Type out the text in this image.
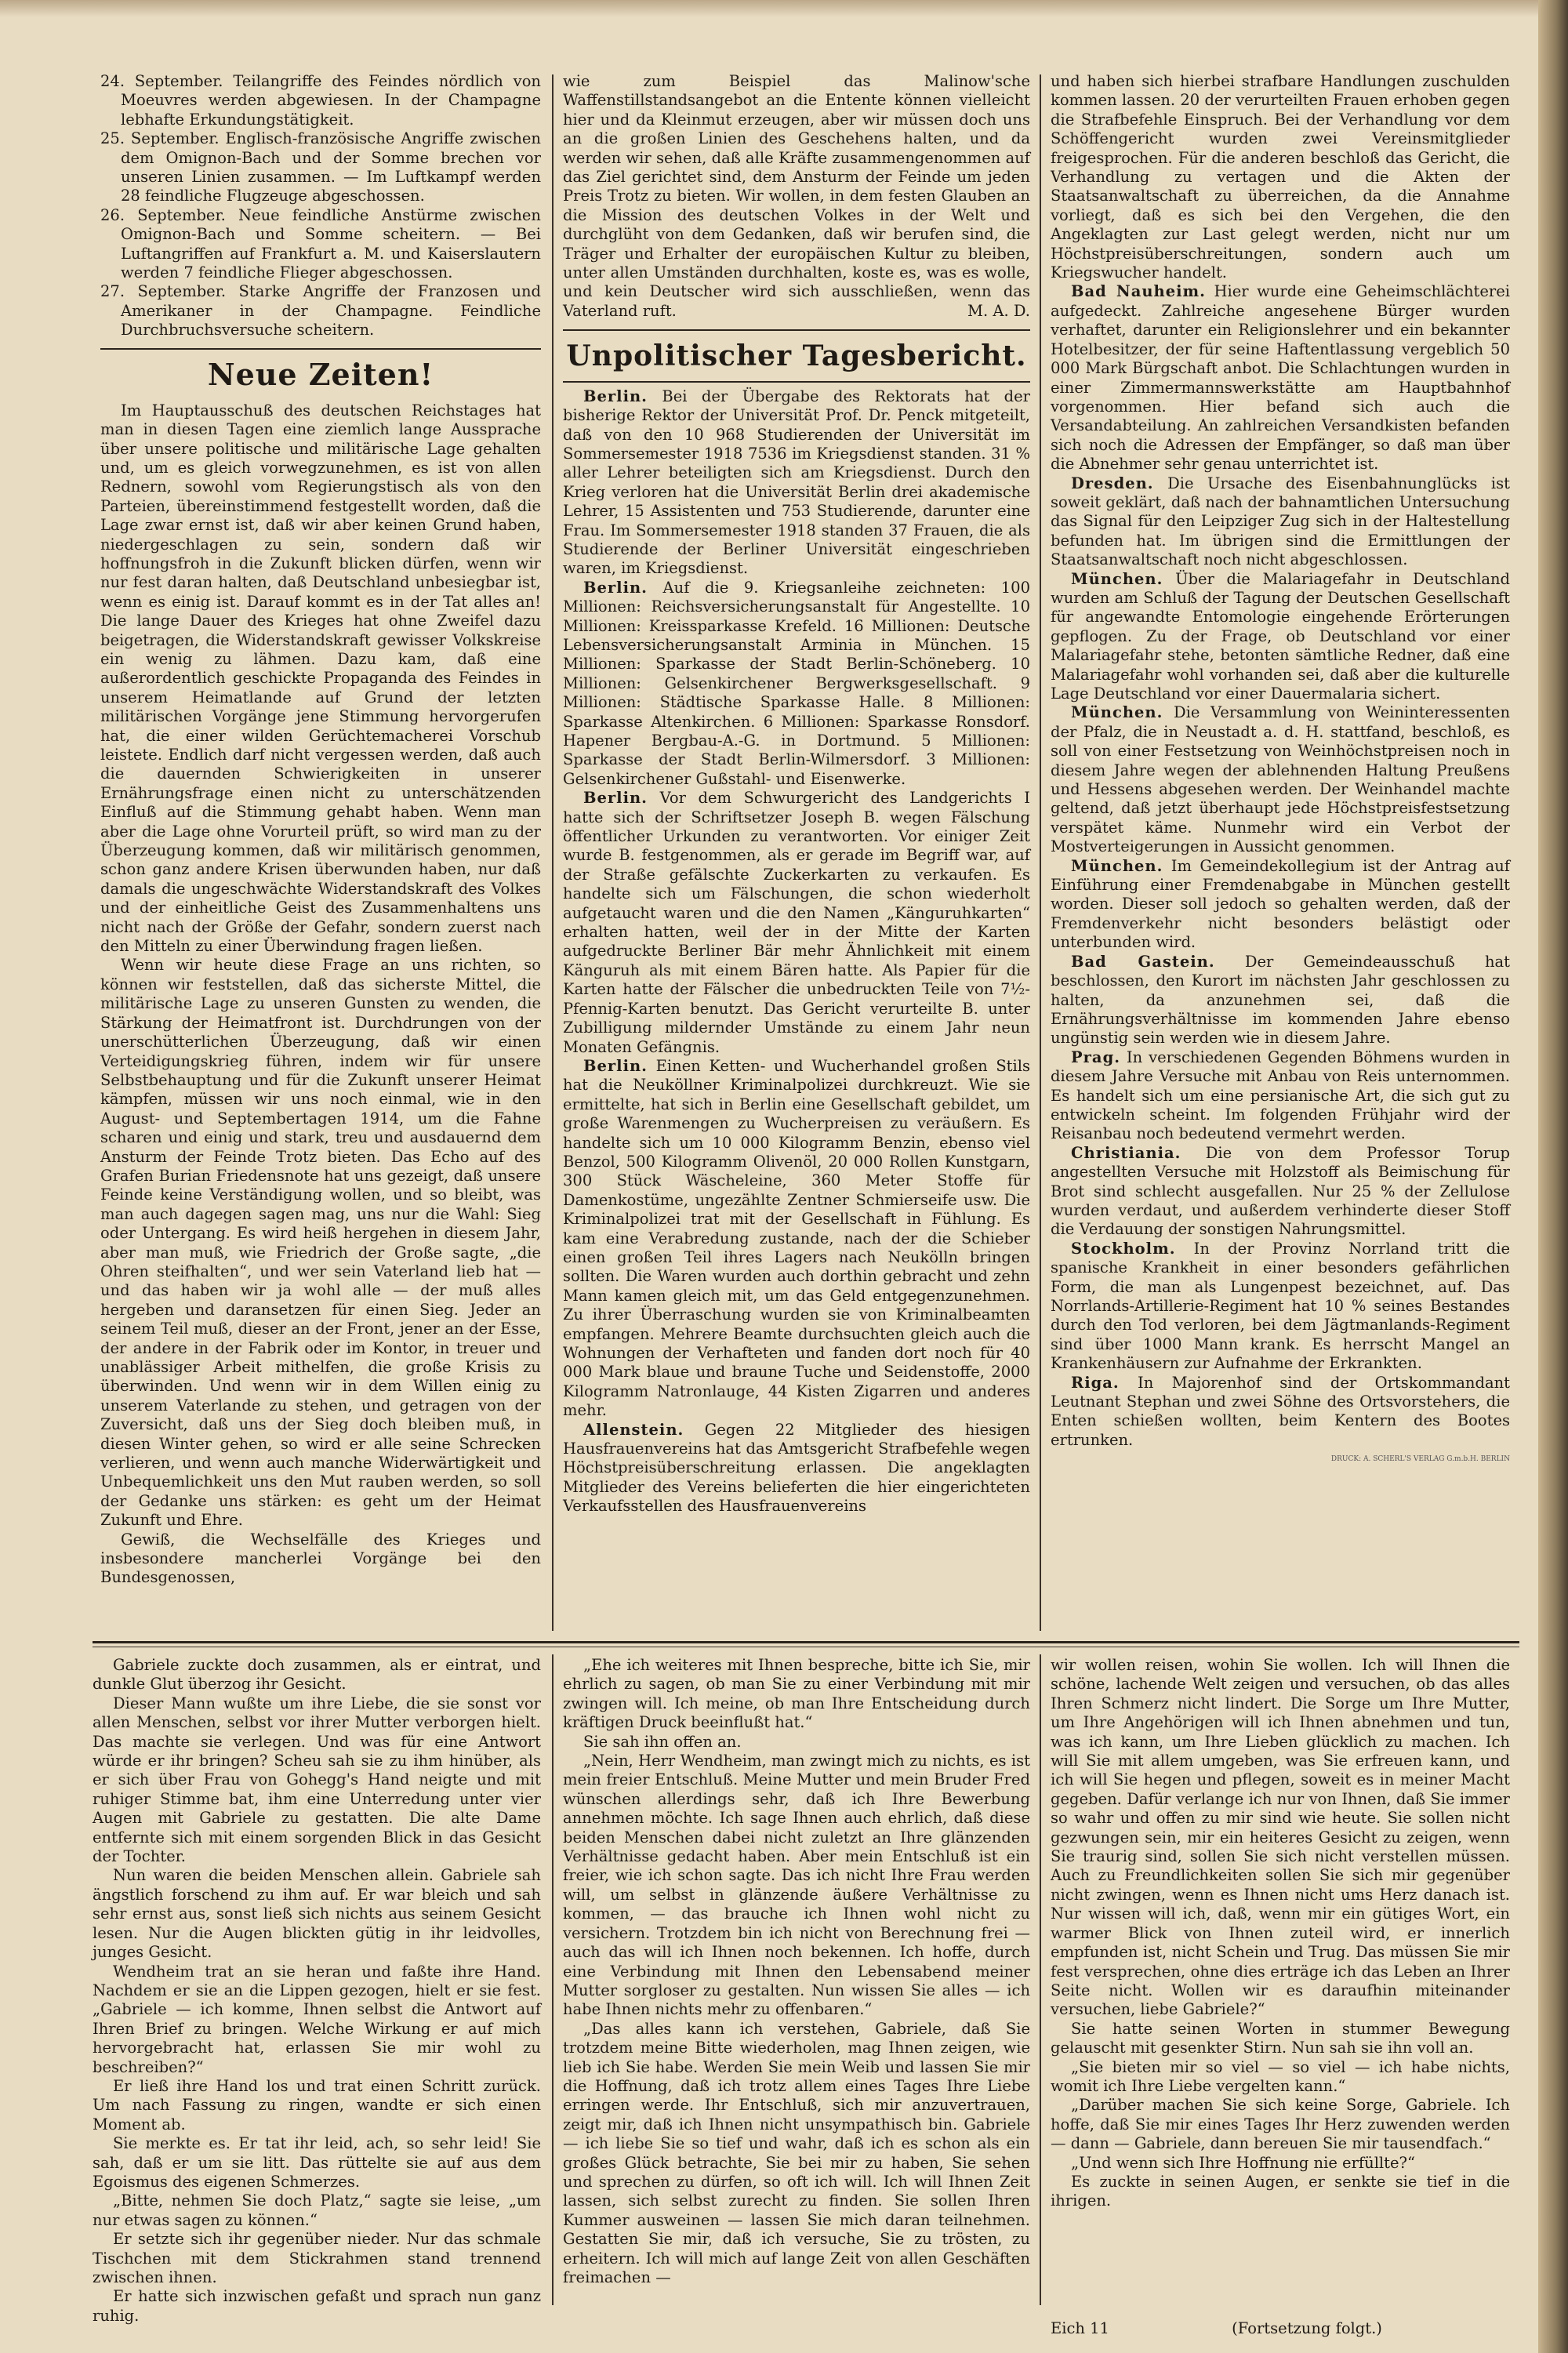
24. September. Teilangriffe des Feindes nördlich von Moeuvres werden abgewiesen. In der Champagne lebhafte Erkundungstätigkeit.

25. September. Englisch-französische Angriffe zwischen dem Omignon-Bach und der Somme brechen vor unseren Linien zusammen. — Im Luftkampf werden 28 feindliche Flugzeuge abgeschossen.

26. September. Neue feindliche Anstürme zwischen Omignon-Bach und Somme scheitern. — Bei Luftangriffen auf Frankfurt a. M. und Kaiserslautern werden 7 feindliche Flieger abgeschossen.

27. September. Starke Angriffe der Franzosen und Amerikaner in der Champagne. Feindliche Durchbruchsversuche scheitern.

Neue Zeiten!

Im Hauptausschuß des deutschen Reichstages hat man in diesen Tagen eine ziemlich lange Aussprache über unsere politische und militärische Lage gehalten und, um es gleich vorwegzunehmen, es ist von allen Rednern, sowohl vom Regierungstisch als von den Parteien, übereinstimmend festgestellt worden, daß die Lage zwar ernst ist, daß wir aber keinen Grund haben, niedergeschlagen zu sein, sondern daß wir hoffnungsfroh in die Zukunft blicken dürfen, wenn wir nur fest daran halten, daß Deutschland unbesiegbar ist, wenn es einig ist. Darauf kommt es in der Tat alles an! Die lange Dauer des Krieges hat ohne Zweifel dazu beigetragen, die Widerstandskraft gewisser Volkskreise ein wenig zu lähmen. Dazu kam, daß eine außerordentlich geschickte Propaganda des Feindes in unserem Heimatlande auf Grund der letzten militärischen Vorgänge jene Stimmung hervorgerufen hat, die einer wilden Gerüchtemacherei Vorschub leistete. Endlich darf nicht vergessen werden, daß auch die dauernden Schwierigkeiten in unserer Ernährungsfrage einen nicht zu unterschätzenden Einfluß auf die Stimmung gehabt haben. Wenn man aber die Lage ohne Vorurteil prüft, so wird man zu der Überzeugung kommen, daß wir militärisch genommen, schon ganz andere Krisen überwunden haben, nur daß damals die ungeschwächte Widerstandskraft des Volkes und der einheitliche Geist des Zusammenhaltens uns nicht nach der Größe der Gefahr, sondern zuerst nach den Mitteln zu einer Überwindung fragen ließen.

Wenn wir heute diese Frage an uns richten, so können wir feststellen, daß das sicherste Mittel, die militärische Lage zu unseren Gunsten zu wenden, die Stärkung der Heimatfront ist. Durchdrungen von der unerschütterlichen Überzeugung, daß wir einen Verteidigungskrieg führen, indem wir für unsere Selbstbehauptung und für die Zukunft unserer Heimat kämpfen, müssen wir uns noch einmal, wie in den August- und Septembertagen 1914, um die Fahne scharen und einig und stark, treu und ausdauernd dem Ansturm der Feinde Trotz bieten. Das Echo auf des Grafen Burian Friedensnote hat uns gezeigt, daß unsere Feinde keine Verständigung wollen, und so bleibt, was man auch dagegen sagen mag, uns nur die Wahl: Sieg oder Untergang. Es wird heiß hergehen in diesem Jahr, aber man muß, wie Friedrich der Große sagte, „die Ohren steifhalten“, und wer sein Vaterland lieb hat — und das haben wir ja wohl alle — der muß alles hergeben und daransetzen für einen Sieg. Jeder an seinem Teil muß, dieser an der Front, jener an der Esse, der andere in der Fabrik oder im Kontor, in treuer und unablässiger Arbeit mithelfen, die große Krisis zu überwinden. Und wenn wir in dem Willen einig zu unserem Vaterlande zu stehen, und getragen von der Zuversicht, daß uns der Sieg doch bleiben muß, in diesen Winter gehen, so wird er alle seine Schrecken verlieren, und wenn auch manche Widerwärtigkeit und Unbequemlichkeit uns den Mut rauben werden, so soll der Gedanke uns stärken: es geht um der Heimat Zukunft und Ehre.

Gewiß, die Wechselfälle des Krieges und insbesondere mancherlei Vorgänge bei den Bundesgenossen,

wie zum Beispiel das Malinow'sche Waffenstillstandsangebot an die Entente können vielleicht hier und da Kleinmut erzeugen, aber wir müssen doch uns an die großen Linien des Geschehens halten, und da werden wir sehen, daß alle Kräfte zusammengenommen auf das Ziel gerichtet sind, dem Ansturm der Feinde um jeden Preis Trotz zu bieten. Wir wollen, in dem festen Glauben an die Mission des deutschen Volkes in der Welt und durchglüht von dem Gedanken, daß wir berufen sind, die Träger und Erhalter der europäischen Kultur zu bleiben, unter allen Umständen durchhalten, koste es, was es wolle, und kein Deutscher wird sich ausschließen, wenn das Vaterland ruft.	M. A. D.

Unpolitischer Tagesbericht.

Berlin. Bei der Übergabe des Rektorats hat der bisherige Rektor der Universität Prof. Dr. Penck mitgeteilt, daß von den 10 968 Studierenden der Universität im Sommersemester 1918 7536 im Kriegsdienst standen. 31 % aller Lehrer beteiligten sich am Kriegsdienst. Durch den Krieg verloren hat die Universität Berlin drei akademische Lehrer, 15 Assistenten und 753 Studierende, darunter eine Frau. Im Sommersemester 1918 standen 37 Frauen, die als Studierende der Berliner Universität eingeschrieben waren, im Kriegsdienst.

Berlin. Auf die 9. Kriegsanleihe zeichneten: 100 Millionen: Reichsversicherungsanstalt für Angestellte. 10 Millionen: Kreissparkasse Krefeld. 16 Millionen: Deutsche Lebensversicherungsanstalt Arminia in München. 15 Millionen: Sparkasse der Stadt Berlin-Schöneberg. 10 Millionen: Gelsenkirchener Bergwerksgesellschaft. 9 Millionen: Städtische Sparkasse Halle. 8 Millionen: Sparkasse Altenkirchen. 6 Millionen: Sparkasse Ronsdorf. Hapener Bergbau-A.-G. in Dortmund. 5 Millionen: Sparkasse der Stadt Berlin-Wilmersdorf. 3 Millionen: Gelsenkirchener Gußstahl- und Eisenwerke.

Berlin. Vor dem Schwurgericht des Landgerichts I hatte sich der Schriftsetzer Joseph B. wegen Fälschung öffentlicher Urkunden zu verantworten. Vor einiger Zeit wurde B. festgenommen, als er gerade im Begriff war, auf der Straße gefälschte Zuckerkarten zu verkaufen. Es handelte sich um Fälschungen, die schon wiederholt aufgetaucht waren und die den Namen „Känguruhkarten“ erhalten hatten, weil der in der Mitte der Karten aufgedruckte Berliner Bär mehr Ähnlichkeit mit einem Känguruh als mit einem Bären hatte. Als Papier für die Karten hatte der Fälscher die unbedruckten Teile von 7½-Pfennig-Karten benutzt. Das Gericht verurteilte B. unter Zubilligung mildernder Umstände zu einem Jahr neun Monaten Gefängnis.

Berlin. Einen Ketten- und Wucherhandel großen Stils hat die Neuköllner Kriminalpolizei durchkreuzt. Wie sie ermittelte, hat sich in Berlin eine Gesellschaft gebildet, um große Warenmengen zu Wucherpreisen zu veräußern. Es handelte sich um 10 000 Kilogramm Benzin, ebenso viel Benzol, 500 Kilogramm Olivenöl, 20 000 Rollen Kunstgarn, 300 Stück Wäscheleine, 360 Meter Stoffe für Damenkostüme, ungezählte Zentner Schmierseife usw. Die Kriminalpolizei trat mit der Gesellschaft in Fühlung. Es kam eine Verabredung zustande, nach der die Schieber einen großen Teil ihres Lagers nach Neukölln bringen sollten. Die Waren wurden auch dorthin gebracht und zehn Mann kamen gleich mit, um das Geld entgegenzunehmen. Zu ihrer Überraschung wurden sie von Kriminalbeamten empfangen. Mehrere Beamte durchsuchten gleich auch die Wohnungen der Verhafteten und fanden dort noch für 40 000 Mark blaue und braune Tuche und Seidenstoffe, 2000 Kilogramm Natronlauge, 44 Kisten Zigarren und anderes mehr.

Allenstein. Gegen 22 Mitglieder des hiesigen Hausfrauenvereins hat das Amtsgericht Strafbefehle wegen Höchstpreisüberschreitung erlassen. Die angeklagten Mitglieder des Vereins belieferten die hier eingerichteten Verkaufsstellen des Hausfrauenvereins

und haben sich hierbei strafbare Handlungen zuschulden kommen lassen. 20 der verurteilten Frauen erhoben gegen die Strafbefehle Einspruch. Bei der Verhandlung vor dem Schöffengericht wurden zwei Vereinsmitglieder freigesprochen. Für die anderen beschloß das Gericht, die Verhandlung zu vertagen und die Akten der Staatsanwaltschaft zu überreichen, da die Annahme vorliegt, daß es sich bei den Vergehen, die den Angeklagten zur Last gelegt werden, nicht nur um Höchstpreisüberschreitungen, sondern auch um Kriegswucher handelt.

Bad Nauheim. Hier wurde eine Geheimschlächterei aufgedeckt. Zahlreiche angesehene Bürger wurden verhaftet, darunter ein Religionslehrer und ein bekannter Hotelbesitzer, der für seine Haftentlassung vergeblich 50 000 Mark Bürgschaft anbot. Die Schlachtungen wurden in einer Zimmermannswerkstätte am Hauptbahnhof vorgenommen. Hier befand sich auch die Versandabteilung. An zahlreichen Versandkisten befanden sich noch die Adressen der Empfänger, so daß man über die Abnehmer sehr genau unterrichtet ist.

Dresden. Die Ursache des Eisenbahnunglücks ist soweit geklärt, daß nach der bahnamtlichen Untersuchung das Signal für den Leipziger Zug sich in der Haltestellung befunden hat. Im übrigen sind die Ermittlungen der Staatsanwaltschaft noch nicht abgeschlossen.

München. Über die Malariagefahr in Deutschland wurden am Schluß der Tagung der Deutschen Gesellschaft für angewandte Entomologie eingehende Erörterungen gepflogen. Zu der Frage, ob Deutschland vor einer Malariagefahr stehe, betonten sämtliche Redner, daß eine Malariagefahr wohl vorhanden sei, daß aber die kulturelle Lage Deutschland vor einer Dauermalaria sichert.

München. Die Versammlung von Weininteressenten der Pfalz, die in Neustadt a. d. H. stattfand, beschloß, es soll von einer Festsetzung von Weinhöchstpreisen noch in diesem Jahre wegen der ablehnenden Haltung Preußens und Hessens abgesehen werden. Der Weinhandel machte geltend, daß jetzt überhaupt jede Höchstpreisfestsetzung verspätet käme. Nunmehr wird ein Verbot der Mostverteigerungen in Aussicht genommen.

München. Im Gemeindekollegium ist der Antrag auf Einführung einer Fremdenabgabe in München gestellt worden. Dieser soll jedoch so gehalten werden, daß der Fremdenverkehr nicht besonders belästigt oder unterbunden wird.

Bad Gastein. Der Gemeindeausschuß hat beschlossen, den Kurort im nächsten Jahr geschlossen zu halten, da anzunehmen sei, daß die Ernährungsverhältnisse im kommenden Jahre ebenso ungünstig sein werden wie in diesem Jahre.

Prag. In verschiedenen Gegenden Böhmens wurden in diesem Jahre Versuche mit Anbau von Reis unternommen. Es handelt sich um eine persianische Art, die sich gut zu entwickeln scheint. Im folgenden Frühjahr wird der Reisanbau noch bedeutend vermehrt werden.

Christiania. Die von dem Professor Torup angestellten Versuche mit Holzstoff als Beimischung für Brot sind schlecht ausgefallen. Nur 25 % der Zellulose wurden verdaut, und außerdem verhinderte dieser Stoff die Verdauung der sonstigen Nahrungsmittel.

Stockholm. In der Provinz Norrland tritt die spanische Krankheit in einer besonders gefährlichen Form, die man als Lungenpest bezeichnet, auf. Das Norrlands-Artillerie-Regiment hat 10 % seines Bestandes durch den Tod verloren, bei dem Jägtmanlands-Regiment sind über 1000 Mann krank. Es herrscht Mangel an Krankenhäusern zur Aufnahme der Erkrankten.

Riga. In Majorenhof sind der Ortskommandant Leutnant Stephan und zwei Söhne des Ortsvorstehers, die Enten schießen wollten, beim Kentern des Bootes ertrunken.

DRUCK: A. SCHERL'S VERLAG G.m.b.H. BERLIN

Gabriele zuckte doch zusammen, als er eintrat, und dunkle Glut überzog ihr Gesicht.

Dieser Mann wußte um ihre Liebe, die sie sonst vor allen Menschen, selbst vor ihrer Mutter verborgen hielt. Das machte sie verlegen. Und was für eine Antwort würde er ihr bringen? Scheu sah sie zu ihm hinüber, als er sich über Frau von Gohegg's Hand neigte und mit ruhiger Stimme bat, ihm eine Unterredung unter vier Augen mit Gabriele zu gestatten. Die alte Dame entfernte sich mit einem sorgenden Blick in das Gesicht der Tochter.

Nun waren die beiden Menschen allein. Gabriele sah ängstlich forschend zu ihm auf. Er war bleich und sah sehr ernst aus, sonst ließ sich nichts aus seinem Gesicht lesen. Nur die Augen blickten gütig in ihr leidvolles, junges Gesicht.

Wendheim trat an sie heran und faßte ihre Hand. Nachdem er sie an die Lippen gezogen, hielt er sie fest. „Gabriele — ich komme, Ihnen selbst die Antwort auf Ihren Brief zu bringen. Welche Wirkung er auf mich hervorgebracht hat, erlassen Sie mir wohl zu beschreiben?“

Er ließ ihre Hand los und trat einen Schritt zurück. Um nach Fassung zu ringen, wandte er sich einen Moment ab.

Sie merkte es. Er tat ihr leid, ach, so sehr leid! Sie sah, daß er um sie litt. Das rüttelte sie auf aus dem Egoismus des eigenen Schmerzes.

„Bitte, nehmen Sie doch Platz,“ sagte sie leise, „um nur etwas sagen zu können.“

Er setzte sich ihr gegenüber nieder. Nur das schmale Tischchen mit dem Stickrahmen stand trennend zwischen ihnen.

Er hatte sich inzwischen gefaßt und sprach nun ganz ruhig.

„Ehe ich weiteres mit Ihnen bespreche, bitte ich Sie, mir ehrlich zu sagen, ob man Sie zu einer Verbindung mit mir zwingen will. Ich meine, ob man Ihre Entscheidung durch kräftigen Druck beeinflußt hat.“

Sie sah ihn offen an.

„Nein, Herr Wendheim, man zwingt mich zu nichts, es ist mein freier Entschluß. Meine Mutter und mein Bruder Fred wünschen allerdings sehr, daß ich Ihre Bewerbung annehmen möchte. Ich sage Ihnen auch ehrlich, daß diese beiden Menschen dabei nicht zuletzt an Ihre glänzenden Verhältnisse gedacht haben. Aber mein Entschluß ist ein freier, wie ich schon sagte. Das ich nicht Ihre Frau werden will, um selbst in glänzende äußere Verhältnisse zu kommen, — das brauche ich Ihnen wohl nicht zu versichern. Trotzdem bin ich nicht von Berechnung frei — auch das will ich Ihnen noch bekennen. Ich hoffe, durch eine Verbindung mit Ihnen den Lebensabend meiner Mutter sorgloser zu gestalten. Nun wissen Sie alles — ich habe Ihnen nichts mehr zu offenbaren.“

„Das alles kann ich verstehen, Gabriele, daß Sie trotzdem meine Bitte wiederholen, mag Ihnen zeigen, wie lieb ich Sie habe. Werden Sie mein Weib und lassen Sie mir die Hoffnung, daß ich trotz allem eines Tages Ihre Liebe erringen werde. Ihr Entschluß, sich mir anzuvertrauen, zeigt mir, daß ich Ihnen nicht unsympathisch bin. Gabriele — ich liebe Sie so tief und wahr, daß ich es schon als ein großes Glück betrachte, Sie bei mir zu haben, Sie sehen und sprechen zu dürfen, so oft ich will. Ich will Ihnen Zeit lassen, sich selbst zurecht zu finden. Sie sollen Ihren Kummer ausweinen — lassen Sie mich daran teilnehmen. Gestatten Sie mir, daß ich versuche, Sie zu trösten, zu erheitern. Ich will mich auf lange Zeit von allen Geschäften freimachen —

wir wollen reisen, wohin Sie wollen. Ich will Ihnen die schöne, lachende Welt zeigen und versuchen, ob das alles Ihren Schmerz nicht lindert. Die Sorge um Ihre Mutter, um Ihre Angehörigen will ich Ihnen abnehmen und tun, was ich kann, um Ihre Lieben glücklich zu machen. Ich will Sie mit allem umgeben, was Sie erfreuen kann, und ich will Sie hegen und pflegen, soweit es in meiner Macht gegeben. Dafür verlange ich nur von Ihnen, daß Sie immer so wahr und offen zu mir sind wie heute. Sie sollen nicht gezwungen sein, mir ein heiteres Gesicht zu zeigen, wenn Sie traurig sind, sollen Sie sich nicht verstellen müssen. Auch zu Freundlichkeiten sollen Sie sich mir gegenüber nicht zwingen, wenn es Ihnen nicht ums Herz danach ist. Nur wissen will ich, daß, wenn mir ein gütiges Wort, ein warmer Blick von Ihnen zuteil wird, er innerlich empfunden ist, nicht Schein und Trug. Das müssen Sie mir fest versprechen, ohne dies erträge ich das Leben an Ihrer Seite nicht. Wollen wir es daraufhin miteinander versuchen, liebe Gabriele?“

Sie hatte seinen Worten in stummer Bewegung gelauscht mit gesenkter Stirn. Nun sah sie ihn voll an.

„Sie bieten mir so viel — so viel — ich habe nichts, womit ich Ihre Liebe vergelten kann.“

„Darüber machen Sie sich keine Sorge, Gabriele. Ich hoffe, daß Sie mir eines Tages Ihr Herz zuwenden werden — dann — Gabriele, dann bereuen Sie mir tausendfach.“

„Und wenn sich Ihre Hoffnung nie erfüllte?“

Es zuckte in seinen Augen, er senkte sie tief in die ihrigen.

Eich 11	(Fortsetzung folgt.)
